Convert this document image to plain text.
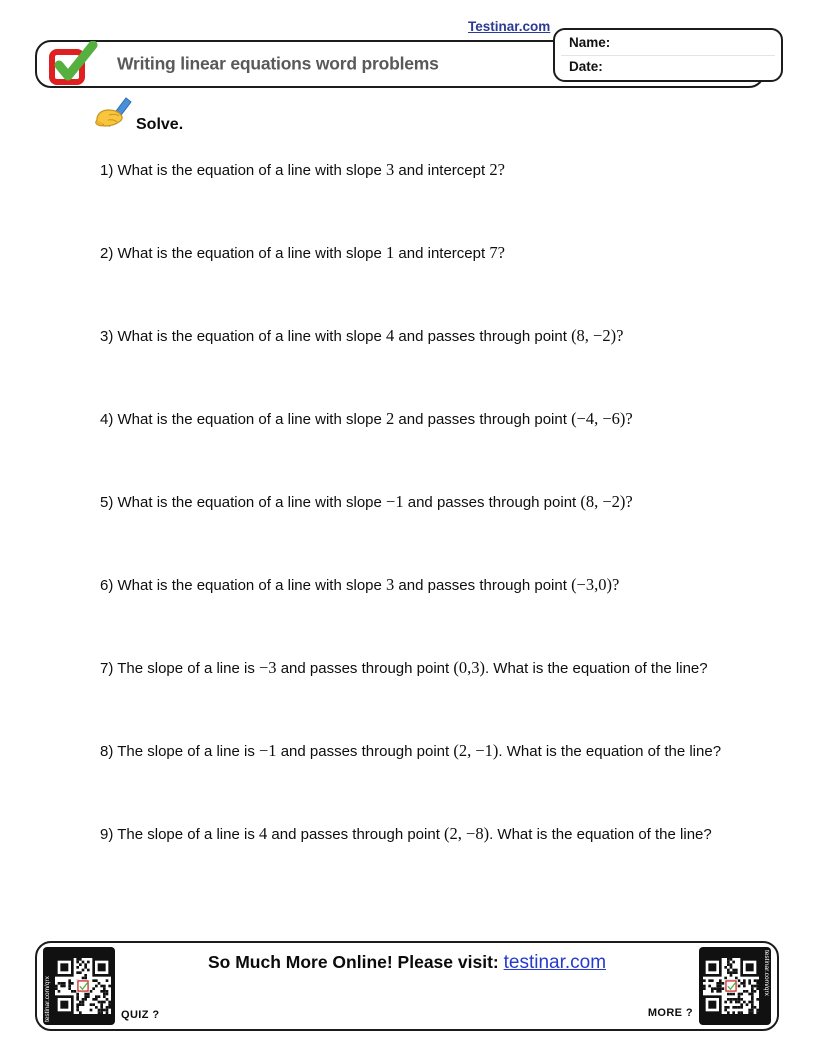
Testinar.com
Writing linear equations word problems
Name:
Date:
Solve.
1) What is the equation of a line with slope 3 and intercept 2?
2) What is the equation of a line with slope 1 and intercept 7?
3) What is the equation of a line with slope 4 and passes through point (8, −2)?
4) What is the equation of a line with slope 2 and passes through point (−4, −6)?
5) What is the equation of a line with slope −1 and passes through point (8, −2)?
6) What is the equation of a line with slope 3 and passes through point (−3,0)?
7) The slope of a line is −3 and passes through point (0,3). What is the equation of the line?
8) The slope of a line is −1 and passes through point (2, −1). What is the equation of the line?
9) The slope of a line is 4 and passes through point (2, −8). What is the equation of the line?
testinar.com/qrx	QUIZ ?
So Much More Online! Please visit: testinar.com
MORE ?
testinar.com/qrx
